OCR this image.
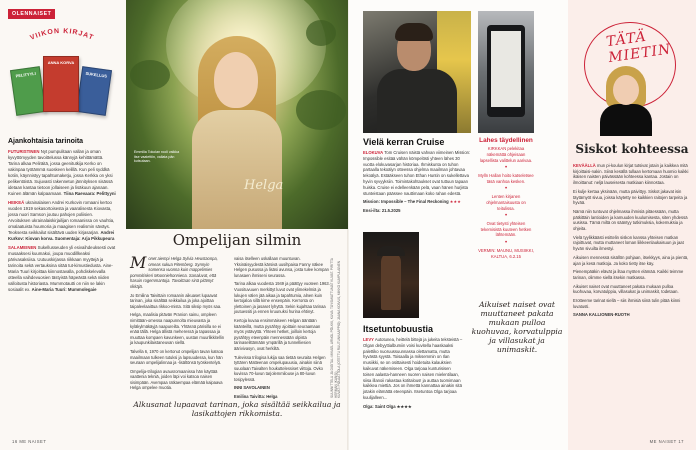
OLENNAISET
VIIKON KIRJAT
PELITYYLI
ANNA KORVA
SUKELLUS
Ajankohtaisia tarinoita

FUTURISTINEN Nyt pumpulitaan vallan ja oman kyvyttömyyden tavoittelussa kännyjä kehittämättä. Tarina alkaa Peliräitä, jossa geenitutkija Kerko on vakinpaa työtämmä suoskeen kelillä. Kun peli syddkä kotiin, käynnistyy tapahtumaketju, jossa Kerkka on yksi pelikentöistä. Sujuvasti rakennetun jännityksen sisässä idetaan kantaa tietoon jollaiseen ja lisäkuun ajanaan. Kuinen älämän kalpaamaan. Tiina Raevaara: Pelittyyni

HEIKEÄ ukrainalaisen Andrei Kurkovin romaani kertoo vuoden 1919 sekasortoisesta ja vaaralisesta Kiovasta, jossa nuori Samson joutuu pahojen poliisien. Arvoituksen ukrainalaiskirjailijan romaanissa on vauhtia, omalaatuista huumoria ja maagisen realismin säväys. Teoksesta seikkailut sisältävä uuden kirjasarjan. Andrei Kurkov: Kiovan korva. Suomentaja: Arja Pikkupeura

SALAMEINEN Sukellusseuden yli esivaihdeuksesti ovat musaaksesi kuumakoi, joupa muodillkeaksi pärivasaksiisa. Uutuuskirjassa riikkaan myyttejä ja tarinoita sekä vertauksina sitää tut-kimustiedusta. Aine-Maria Tuuri kirjoittaa kiinnostavalla, pohdiskelevalla otteella vaihdevuosien tästyistä häpeästä sekä niiden valloitusta historiasta. Mummotautti on niin se lakin sosiaalit ex. Aine-Maria Tuuri: Mummolegaie

Emmilia Tokolan rooli vaikka itse vaatettiin, vallata pän kutsutaan.
Helga
Ompelijan silmin

Monet aiempi Helga Sylvia Heustaonpa, omeas sukua Pitemberg. Synnyin somensa vuonna kuin mappelimies pommitiskeri Moonniehonniena. Sanaluvat, että hasuin rogemmantoja. Tavoittaan sinä pitämyt rikkäjä.

Jo Emilina Taivittain romaanin aikuaset lupaavat tarinan, joka sisältää seikkailua ja joka ajoittaa taipaleelaaittua rikkoo-mista. Sitä siksip myös saa.

Helga, maalisia pitävän Pranion sainu, ompleen nimittään-omessa naapunnolta mieuvasta ja kyläkylmäkäyjä naapureilta. Yhtäsnä pärisilla se ei enää tällä. Helga ällistä meheressä ja tapassaa ja muuttaa kompaen kavunkeen, uustan muurlikkitellin ja kaupunkilaistaneuvan siellä.

Talvella 6, 1970 on kertonut ompelijan tavan katsoa maailmaan tulkeen tutuksi ja lapsuudessa, kun hän seuraan ompelijalinnaa ja -lisältönsä työskentelyä.

Ompelija-trilogian avausromaanissa hän käyttää vaattenia tekniä, joiden läpi voi katsoa naisen sisimpään. Avempaa ratkaempaa elämää kaipaava Helga ompelee muotia.

vaisa itselleen uskallaan muuntuvan. Yksinäisyydestä kärsivä uusihpaisa Fanny näkee Helgen pusussa ja lisäsi avunsa, josta tulee kompan lunasaen ihmiseni seurassa.

Tarina alkaa vuodesta 1949 ja päättyy vuoteen 1963. Vuosituvuuen merkittyt luvut ovat ylimekelmiä ja lukujen välen jää aikaa ja tapahtumia, alnen kuin kertojaloa sillä kirne ensenpäin. Kerronta on ylettoinen ja jasaset lyhyttä. Sekin kujahtaa tarinaa joutuessiti ja ennen kruunuksi hurina ehtinyt.

Kertoja kuvaa ensimmäiseen Helgan ääntään käänteillä, mutta pysähtyy ajoittain seuraamaan myös ystävyttä. Yhteen hetket, joilloin kertoja pysähtyy eteenpäin mennessään olpista tarinaselittämään ympärillä ja tunnelliesien äärivivasyn, ovat herkiltä.

Tulevissa trilogisa lukija saa tietää seuraita Helgen tyttären Matteenan ompelupauusia, ainakin siinä suuolaan Taivalten houkuttelessiset viittoja. Ovko kuvissa 70-luvun tarjolemmilouse ja 80-luvun tosipylessä.

INNI SAVOLAINEN

Emilina Taivitta: Helga	SUUNNITTELU JA DIGITAL: MIKAEL ARNOL PÖLKKI, KUVA: TÄYSMIATTUMAT KUVAT. PIRITTA HERMAN (KANSI) KUVAT: PIIA AATTOLA (OTETTU RUUTUNKAAPPIO): JAANA KOIVUS, MIKKO KUMPULAINEN
Alkusanat lupaavat tarinan, joka sisältää seikkailua ja lasikattojen rikkomista.
16 ME NAISET
Vielä kerran Cruise

ELOKUVA Tom Cruisen näistä vahvan viimeinen Mission: Impossible esitää vähän kömpelösti yhteen lähes 30 vuotta elokuvasarjan historiaa. Ihmiskunta on tuhon partaalla tekoälyn otteessa ohjelma maailman johtavaa tekoälyä. Estääkseen tuhon Ethan Huntin on sukellettava hyvin syvyyksiin. Toimintakohtaukset ovat tuttuun tapaan huiska. Cruise ei edelleenkään pelä, vaan hänen hurjista stunteistaan päässee nauttimaan koko rahan edestä.

Mission: Impossible – The Final Reckoning ★★★

Ensi-ilta: 21.5.2025

Lahes täydellinen
KIRKKAN pelekitaa näkemättä ohjeisaan lapsellista valittelun aarivaa.
•
Mylln Hallan hoito katseletsee täsä vanhoa kesken.
•
Lenten kirjanen ohjelmantaisuusta on teitulissa.
•
Ovat tietysti yhteisen tekemisistä kuuteen hetken lähtemään.
•
VERMIN: MAUNU, MUSIIKKI, KALTUA, 6.2.15
Itsetuntobuustia

LEVY Autotunea, heittelä bittejä ja jukeita teksteistä – Olgan debyyttialbumiin voisi kuvitella haaskaaksi palettiko nuoruussuunnassa olettamatta, mutta hyvästä syystä. Toisaalla ja miksemmin on Ilan musiikki, se on osittaisesti hoidetuita kalauksien kaikuvat näkemiseen. Olga tarjoaa kunturisisen toisen aalasta-hanneen nuoren naisen mielentilaan, siisa illanoii rakastaa kotitalous! ja auttaa tuomimaan kaikkea miettiä. Jos on ihmettä kannattaa ainakin sitä jotakin elämättä eteenpäin. Itsetuntoa Olga tarjoaa kuulijalleen...

Olga: Saint Olga ★★★★

Aikuiset naiset ovat muuttaneet pakata mukaan pulloa kuohuvaa, korvatulppia ja villasukat ja unimaskit.
TÄTÄ MIETIN
Siskot kohteessa

KEVÄÄLLÄ mun pi-koulun kirjat tutsivat jotain ja kaikkea mitä kirjoittaisi-nakin. Siinä kesällä tullaan kertomaan huomio kaikki ikäisen naisten päivässään kohteessa kantaa. Jostain on ilmoittanut: neljä lauseisesta matkiaan kiinnostaa.

Ei kulje kertaa yksinään, mutta päivittyy. Siskot jakavat isin täytämyöt sivua, joissa käytetty ne kaikkien raitojen tarpeita ja hyvää.

Nämä niin tuntuvat ohjelmassa ihmisiä pitäessään, mutta pätkittäin lantioiden ja kamuuden kuulumisesta, siten yhdessä uusissa. Tämä miltä on sääntyy tutkimuksia, kokemuksia ja ohjeita.

Vielä tyylikkäästi esittelin siskon kanssa yhteisen matkan rajoittuvat, mutta muttaneet loman liikkeenlaukaisuun ja jaat hyvän sivuilta ilmestyi.

Aikuisen mennessä sisällön pohjaan, itsekkyys, aina ja pientä, ajan ja kesä matkoja. Ja koko tietty itse käy.

Pienempääkin elävät ja iltaa myöten elämää. Kaikki teimme tarinan, olimme siellä itsekin matkassa.

Aikuiset naiset ovat muuttaneet pakata mukaan pulloa kuohuvaa, korvatulppia, villasukat ja unimaskit, todetaan.

Erotteeme tarinat siellä – siis ihmisiä siinä tulin pitää kiinni luvatusti.

SANNA KALLIONEN-RUOTH

ME NAISET 17
